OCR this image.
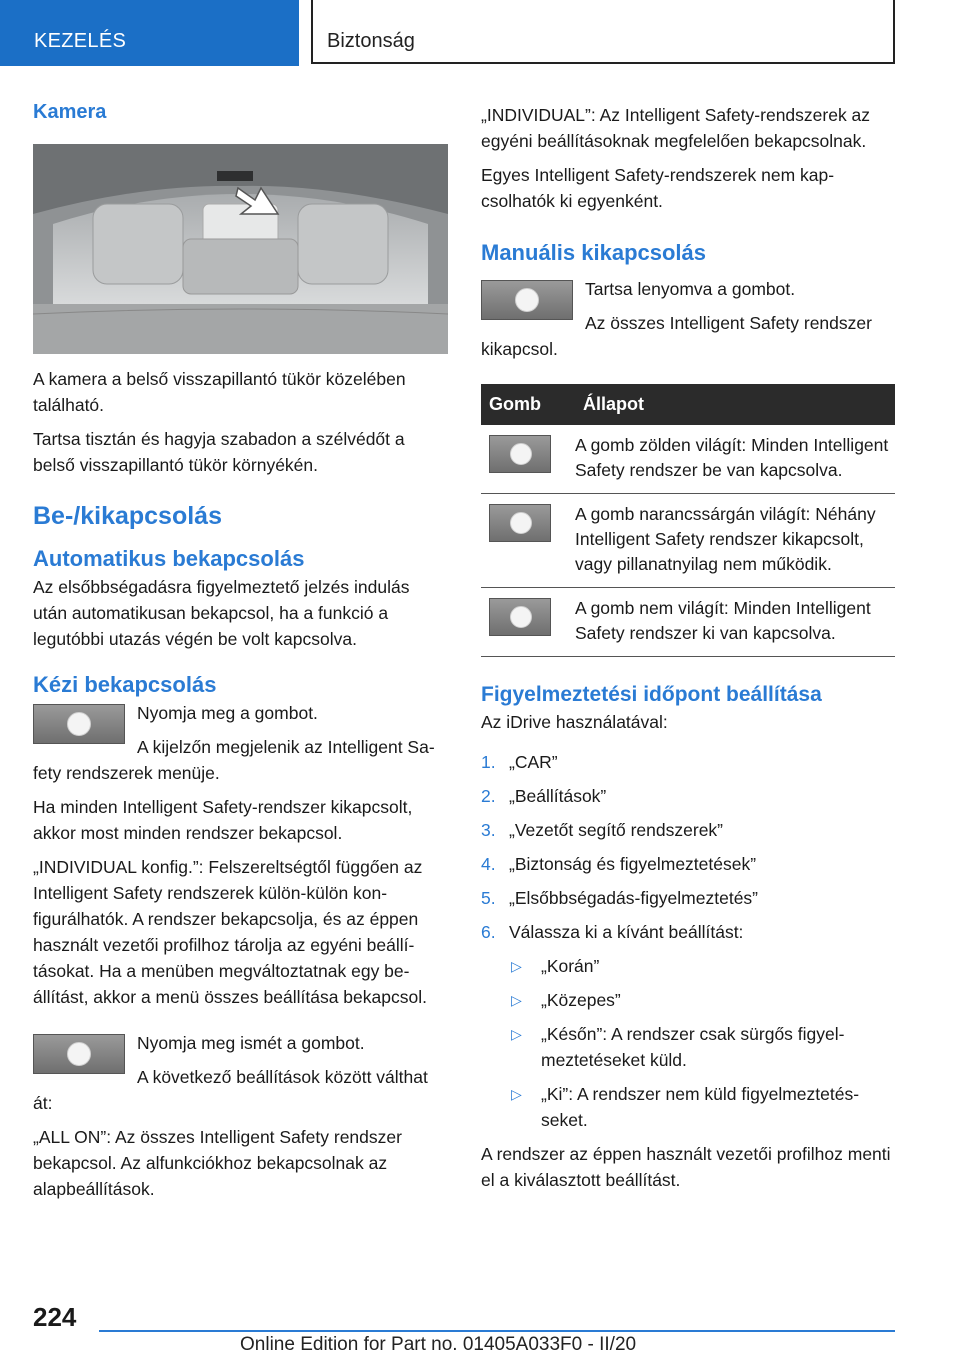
KEZELÉS	Biztonság
Kamera

A kamera a belső visszapillantó tükör közelében található.

Tartsa tisztán és hagyja szabadon a szélvédőt a belső visszapillantó tükör környékén.

Be-/kikapcsolás
Automatikus bekapcsolás

Az elsőbbségadásra figyelmeztető jelzés indulás után automatikusan bekapcsol, ha a funkció a legutóbbi utazás végén be volt kapcsolva.

Kézi bekapcsolás

Nyomja meg a gombot.

A kijelzőn megjelenik az Intelligent Safety rendszerek menüje.

Ha minden Intelligent Safety-rendszer kikapcsolt, akkor most minden rendszer bekapcsol.

„INDIVIDUAL konfig.”: Felszereltségtől függően az Intelligent Safety rendszerek külön-külön konfigurálhatók. A rendszer bekapcsolja, és az éppen használt vezetői profilhoz tárolja az egyéni beállításokat. Ha a menüben megváltoztatnak egy beállítást, akkor a menü összes beállítása bekapcsol.

Nyomja meg ismét a gombot.

A következő beállítások között válthat át:

„ALL ON”: Az összes Intelligent Safety rendszer bekapcsol. Az alfunkciókhoz bekapcsolnak az alapbeállítások.

„INDIVIDUAL”: Az Intelligent Safety-rendszerek az egyéni beállításoknak megfelelően bekapcsolnak.

Egyes Intelligent Safety-rendszerek nem kapcsolhatók ki egyenként.

Manuális kikapcsolás

Tartsa lenyomva a gombot.

Az összes Intelligent Safety rendszer kikapcsol.

Gomb	Állapot

	A gomb zölden világít: Minden Intelligent Safety rendszer be van kapcsolva.

	A gomb narancssárgán világít: Néhány Intelligent Safety rendszer kikapcsolt, vagy pillanatnyilag nem működik.

	A gomb nem világít: Minden Intelligent Safety rendszer ki van kapcsolva.
Figyelmeztetési időpont beállítása

Az iDrive használatával:

1. „CAR”
2. „Beállítások”
3. „Vezetőt segítő rendszerek”
4. „Biztonság és figyelmeztetések”
5. „Elsőbbségadás-figyelmeztetés”
6. Válassza ki a kívánt beállítást:
▷	„Korán”
▷	„Közepes”
▷	„Későn”: A rendszer csak sürgős figyelmeztetéseket küld.
▷	„Ki”: A rendszer nem küld figyelmeztetésseket.

A rendszer az éppen használt vezetői profilhoz menti el a kiválasztott beállítást.

224
Online Edition for Part no. 01405A033F0 - II/20
